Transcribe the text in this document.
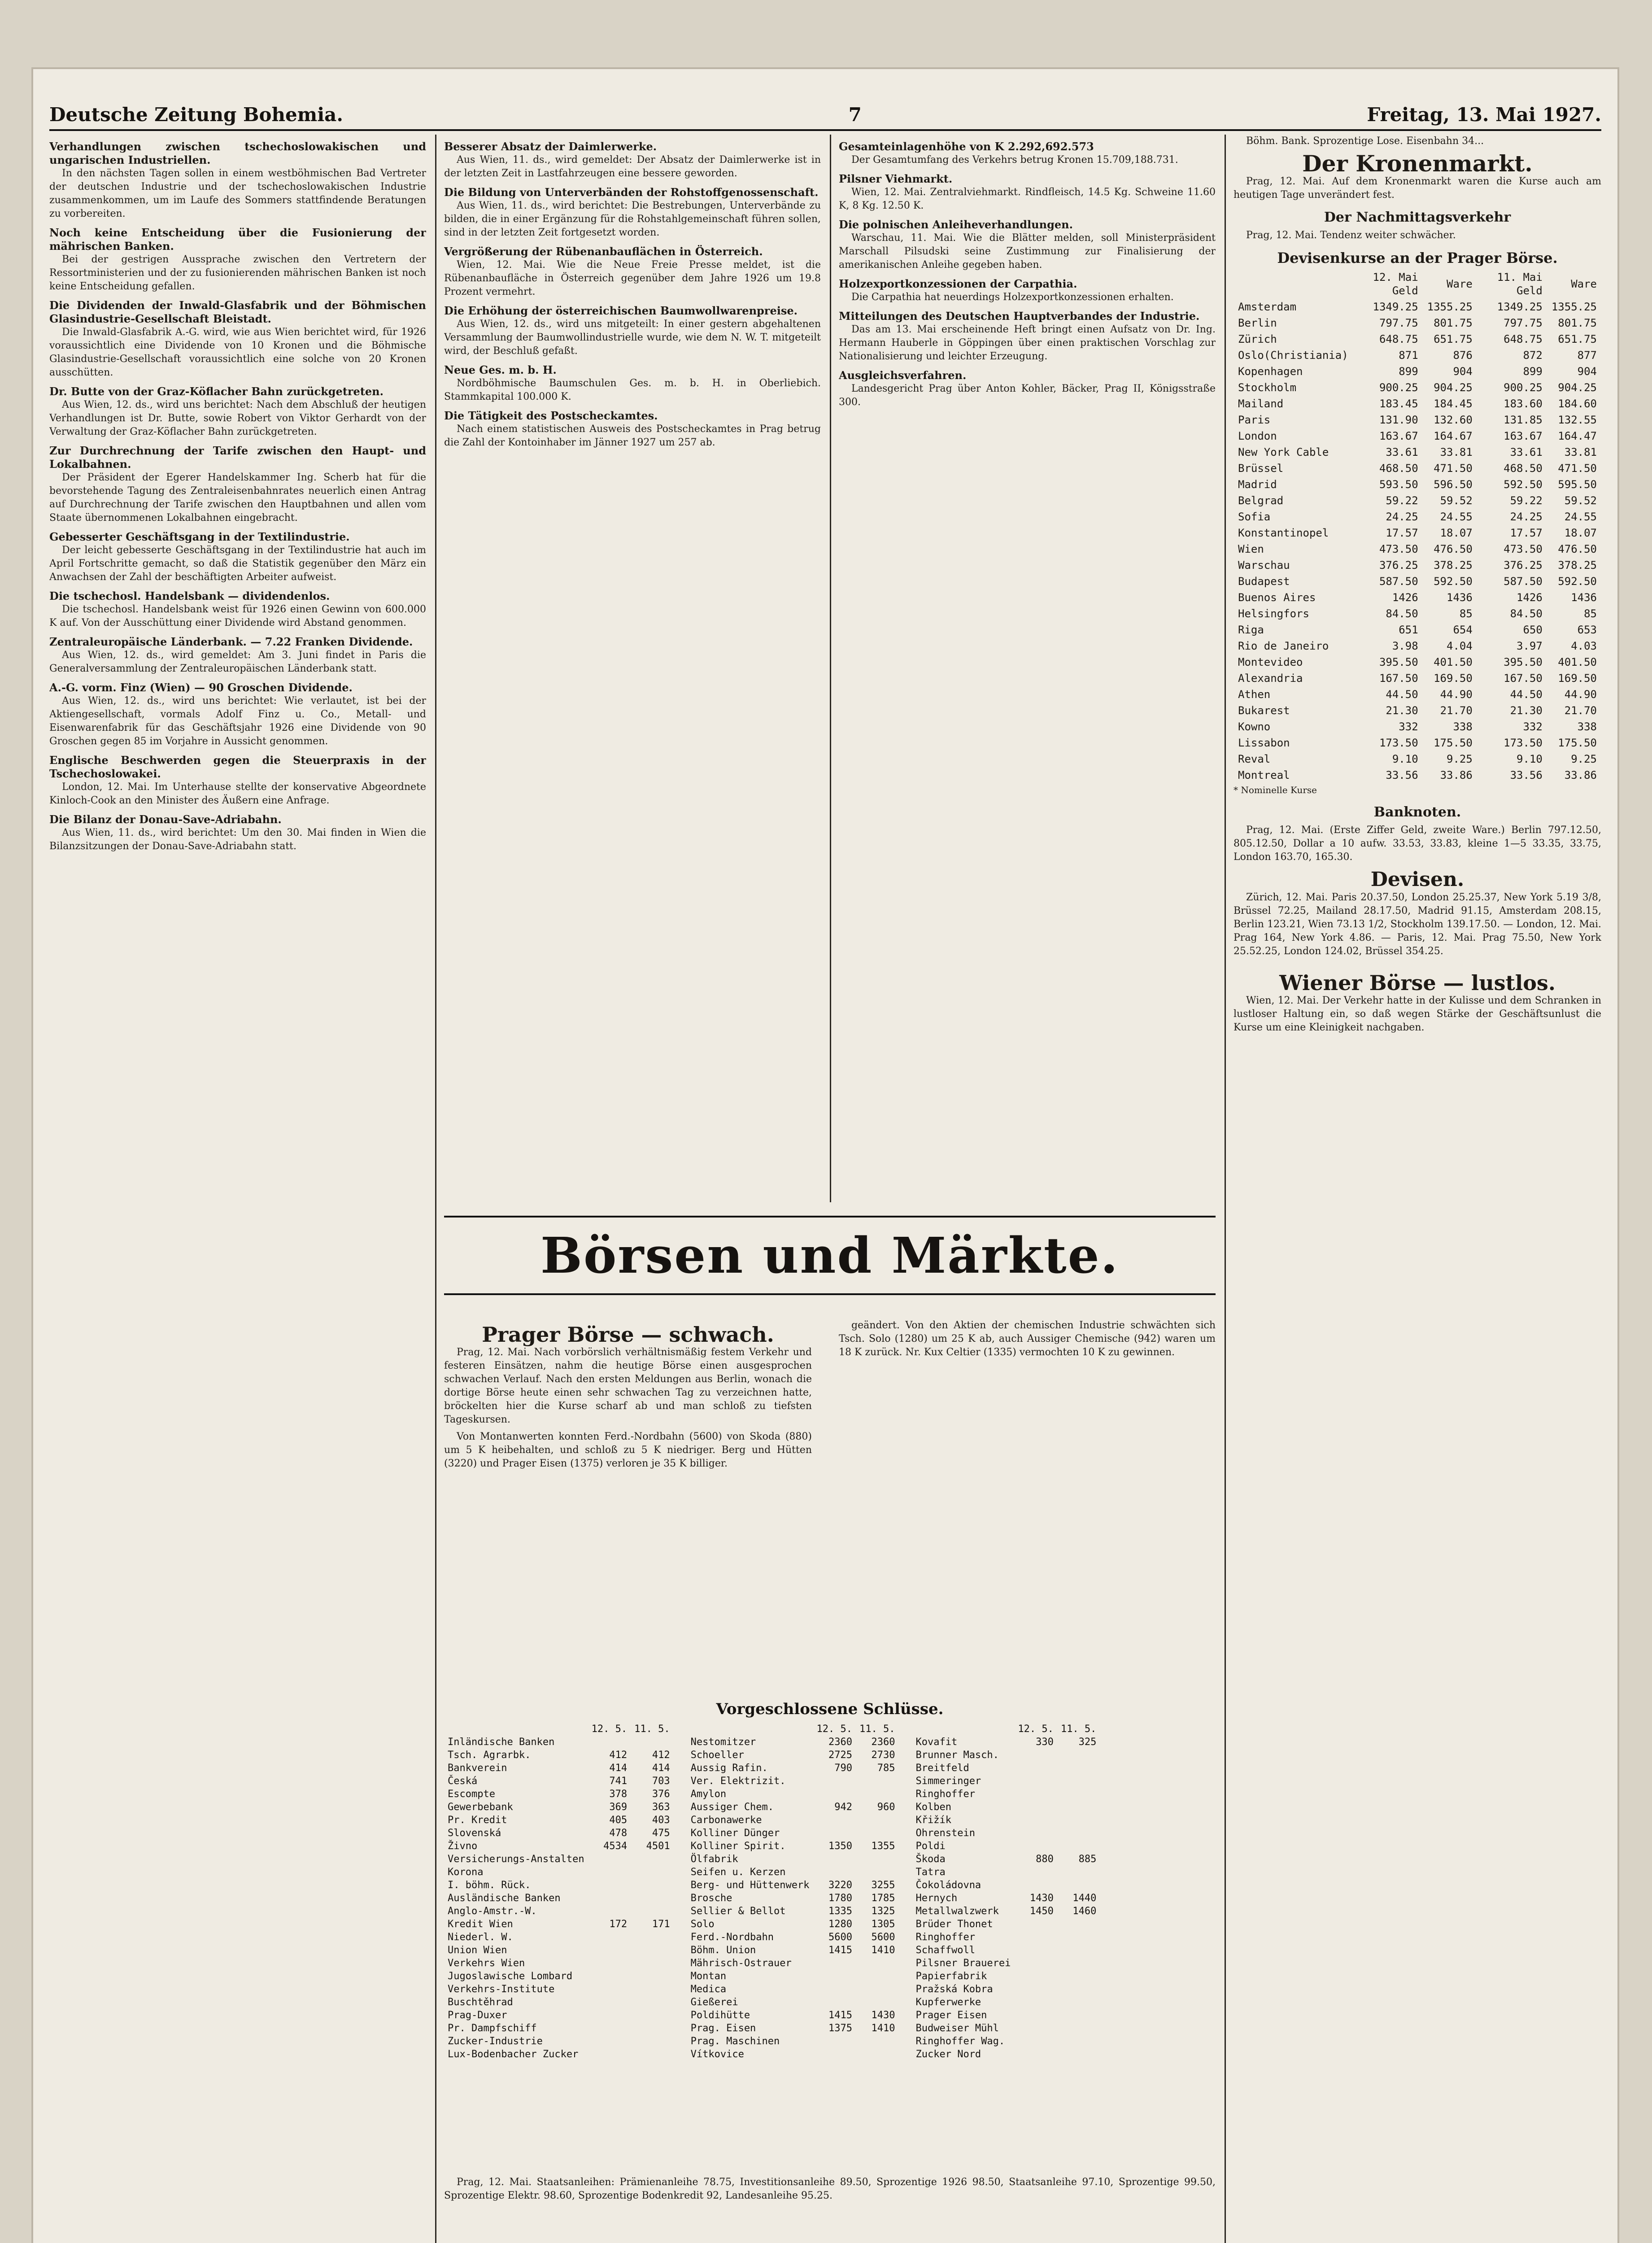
Deutsche Zeitung Bohemia.	7	Freitag, 13. Mai 1927.
Verhandlungen zwischen tschechoslowakischen und ungarischen Industriellen.

In den nächsten Tagen sollen in einem westböhmischen Bad Vertreter der deutschen Industrie und der tschechoslowakischen Industrie zusammenkommen, um im Laufe des Sommers stattfindende Beratungen zu vorbereiten.

Noch keine Entscheidung über die Fusionierung der mährischen Banken.

Bei der gestrigen Aussprache zwischen den Vertretern der Ressortministerien und der zu fusionierenden mährischen Banken ist noch keine Entscheidung gefallen.

Die Dividenden der Inwald-Glasfabrik und der Böhmischen Glasindustrie-Gesellschaft Bleistadt.

Die Inwald-Glasfabrik A.-G. wird, wie aus Wien berichtet wird, für 1926 voraussichtlich eine Dividende von 10 Kronen und die Böhmische Glasindustrie-Gesellschaft voraussichtlich eine solche von 20 Kronen ausschütten.

Dr. Butte von der Graz-Köflacher Bahn zurückgetreten.

Aus Wien, 12. ds., wird uns berichtet: Nach dem Abschluß der heutigen Verhandlungen ist Dr. Butte, sowie Robert von Viktor Gerhardt von der Verwaltung der Graz-Köflacher Bahn zurückgetreten.

Zur Durchrechnung der Tarife zwischen den Haupt- und Lokalbahnen.

Der Präsident der Egerer Handelskammer Ing. Scherb hat für die bevorstehende Tagung des Zentraleisenbahnrates neuerlich einen Antrag auf Durchrechnung der Tarife zwischen den Hauptbahnen und allen vom Staate übernommenen Lokalbahnen eingebracht.

Gebesserter Geschäftsgang in der Textilindustrie.

Der leicht gebesserte Geschäftsgang in der Textilindustrie hat auch im April Fortschritte gemacht, so daß die Statistik gegenüber den März ein Anwachsen der Zahl der beschäftigten Arbeiter aufweist.

Die tschechosl. Handelsbank — dividendenlos.

Die tschechosl. Handelsbank weist für 1926 einen Gewinn von 600.000 K auf. Von der Ausschüttung einer Dividende wird Abstand genommen.

Zentraleuropäische Länderbank. — 7.22 Franken Dividende.

Aus Wien, 12. ds., wird gemeldet: Am 3. Juni findet in Paris die Generalversammlung der Zentraleuropäischen Länderbank statt.

A.-G. vorm. Finz (Wien) — 90 Groschen Dividende.

Aus Wien, 12. ds., wird uns berichtet: Wie verlautet, ist bei der Aktiengesellschaft, vormals Adolf Finz u. Co., Metall- und Eisenwarenfabrik für das Geschäftsjahr 1926 eine Dividende von 90 Groschen gegen 85 im Vorjahre in Aussicht genommen.

Englische Beschwerden gegen die Steuerpraxis in der Tschechoslowakei.

London, 12. Mai. Im Unterhause stellte der konservative Abgeordnete Kinloch-Cook an den Minister des Äußern eine Anfrage.

Die Bilanz der Donau-Save-Adriabahn.

Aus Wien, 11. ds., wird berichtet: Um den 30. Mai finden in Wien die Bilanzsitzungen der Donau-Save-Adriabahn statt.

Besserer Absatz der Daimlerwerke.

Aus Wien, 11. ds., wird gemeldet: Der Absatz der Daimlerwerke ist in der letzten Zeit in Lastfahrzeugen eine bessere geworden.

Die Bildung von Unterverbänden der Rohstoffgenossenschaft.

Aus Wien, 11. ds., wird berichtet: Die Bestrebungen, Unterverbände zu bilden, die in einer Ergänzung für die Rohstahlgemeinschaft führen sollen, sind in der letzten Zeit fortgesetzt worden.

Vergrößerung der Rübenanbauflächen in Österreich.

Wien, 12. Mai. Wie die Neue Freie Presse meldet, ist die Rübenanbaufläche in Österreich gegenüber dem Jahre 1926 um 19.8 Prozent vermehrt.

Die Erhöhung der österreichischen Baumwollwarenpreise.

Aus Wien, 12. ds., wird uns mitgeteilt: In einer gestern abgehaltenen Versammlung der Baumwollindustrielle wurde, wie dem N. W. T. mitgeteilt wird, der Beschluß gefaßt.

Neue Ges. m. b. H.

Nordböhmische Baumschulen Ges. m. b. H. in Oberliebich. Stammkapital 100.000 K.

Die Tätigkeit des Postscheckamtes.

Nach einem statistischen Ausweis des Postscheckamtes in Prag betrug die Zahl der Kontoinhaber im Jänner 1927 um 257 ab.

Gesamteinlagenhöhe von K 2.292,692.573

Der Gesamtumfang des Verkehrs betrug Kronen 15.709,188.731.

Pilsner Viehmarkt.

Wien, 12. Mai. Zentralviehmarkt. Rindfleisch, 14.5 Kg. Schweine 11.60 K, 8 Kg. 12.50 K.

Die polnischen Anleiheverhandlungen.

Warschau, 11. Mai. Wie die Blätter melden, soll Ministerpräsident Marschall Pilsudski seine Zustimmung zur Finalisierung der amerikanischen Anleihe gegeben haben.

Holzexportkonzessionen der Carpathia.

Die Carpathia hat neuerdings Holzexportkonzessionen erhalten.

Mitteilungen des Deutschen Hauptverbandes der Industrie.

Das am 13. Mai erscheinende Heft bringt einen Aufsatz von Dr. Ing. Hermann Hauberle in Göppingen über einen praktischen Vorschlag zur Nationalisierung und leichter Erzeugung.

Ausgleichsverfahren.

Landesgericht Prag über Anton Kohler, Bäcker, Prag II, Königsstraße 300.

Böhm. Bank. Sprozentige Lose. Eisenbahn 34...

Der Kronenmarkt.

Prag, 12. Mai. Auf dem Kronenmarkt waren die Kurse auch am heutigen Tage unverändert fest.

Der Nachmittagsverkehr

Prag, 12. Mai. Tendenz weiter schwächer.

Devisenkurse an der Prager Börse.
	12. Mai Geld	Ware	11. Mai Geld	Ware
Amsterdam	1349.25	1355.25	1349.25	1355.25
Berlin	797.75	801.75	797.75	801.75
Zürich	648.75	651.75	648.75	651.75
Oslo(Christiania)	871	876	872	877
Kopenhagen	899	904	899	904
Stockholm	900.25	904.25	900.25	904.25
Mailand	183.45	184.45	183.60	184.60
Paris	131.90	132.60	131.85	132.55
London	163.67	164.67	163.67	164.47
New York Cable	33.61	33.81	33.61	33.81
Brüssel	468.50	471.50	468.50	471.50
Madrid	593.50	596.50	592.50	595.50
Belgrad	59.22	59.52	59.22	59.52
Sofia	24.25	24.55	24.25	24.55
Konstantinopel	17.57	18.07	17.57	18.07
Wien	473.50	476.50	473.50	476.50
Warschau	376.25	378.25	376.25	378.25
Budapest	587.50	592.50	587.50	592.50
Buenos Aires	1426	1436	1426	1436
Helsingfors	84.50	85	84.50	85
Riga	651	654	650	653
Rio de Janeiro	3.98	4.04	3.97	4.03
Montevideo	395.50	401.50	395.50	401.50
Alexandria	167.50	169.50	167.50	169.50
Athen	44.50	44.90	44.50	44.90
Bukarest	21.30	21.70	21.30	21.70
Kowno	332	338	332	338
Lissabon	173.50	175.50	173.50	175.50
Reval	9.10	9.25	9.10	9.25
Montreal	33.56	33.86	33.56	33.86
* Nominelle Kurse
Banknoten.

Prag, 12. Mai. (Erste Ziffer Geld, zweite Ware.) Berlin 797.12.50, 805.12.50, Dollar a 10 aufw. 33.53, 33.83, kleine 1—5 33.35, 33.75, London 163.70, 165.30.

Devisen.

Zürich, 12. Mai. Paris 20.37.50, London 25.25.37, New York 5.19 3/8, Brüssel 72.25, Mailand 28.17.50, Madrid 91.15, Amsterdam 208.15, Berlin 123.21, Wien 73.13 1/2, Stockholm 139.17.50. — London, 12. Mai. Prag 164, New York 4.86. — Paris, 12. Mai. Prag 75.50, New York 25.52.25, London 124.02, Brüssel 354.25.

Wiener Börse — lustlos.

Wien, 12. Mai. Der Verkehr hatte in der Kulisse und dem Schranken in lustloser Haltung ein, so daß wegen Stärke der Geschäftsunlust die Kurse um eine Kleinigkeit nachgaben.

Börsen und Märkte.
Prager Börse — schwach.

Prag, 12. Mai. Nach vorbörslich verhältnismäßig festem Verkehr und festeren Einsätzen, nahm die heutige Börse einen ausgesprochen schwachen Verlauf. Nach den ersten Meldungen aus Berlin, wonach die dortige Börse heute einen sehr schwachen Tag zu verzeichnen hatte, bröckelten hier die Kurse scharf ab und man schloß zu tiefsten Tageskursen.

Von Montanwerten konnten Ferd.-Nordbahn (5600) von Skoda (880) um 5 K heibehalten, und schloß zu 5 K niedriger. Berg und Hütten (3220) und Prager Eisen (1375) verloren je 35 K billiger.

geändert. Von den Aktien der chemischen Industrie schwächten sich Tsch. Solo (1280) um 25 K ab, auch Aussiger Chemische (942) waren um 18 K zurück. Nr. Kux Celtier (1335) vermochten 10 K zu gewinnen.

Vorgeschlossene Schlüsse.
	12. 5.	11. 5.
Inländische Banken		
Tsch. Agrarbk.	412	412
Bankverein	414	414
Česká	741	703
Escompte	378	376
Gewerbebank	369	363
Pr. Kredit	405	403
Slovenská	478	475
Živno	4534	4501
Versicherungs-Anstalten		
Korona		
I. böhm. Rück.		
Ausländische Banken		
Anglo-Amstr.-W.		
Kredit Wien	172	171
Niederl. W.		
Union Wien		
Verkehrs Wien		
Jugoslawische Lombard		
Verkehrs-Institute		
Buschtěhrad		
Prag-Duxer		
Pr. Dampfschiff		
Zucker-Industrie		
Lux-Bodenbacher Zucker		
	12. 5.	11. 5.
Nestomitzer	2360	2360
Schoeller	2725	2730
Aussig Rafin.	790	785
Ver. Elektrizit.		
Amylon		
Aussiger Chem.	942	960
Carbonawerke		
Kolliner Dünger		
Kolliner Spirit.	1350	1355
Ölfabrik		
Seifen u. Kerzen		
Berg- und Hüttenwerk	3220	3255
Brosche	1780	1785
Sellier & Bellot	1335	1325
Solo	1280	1305
Ferd.-Nordbahn	5600	5600
Böhm. Union	1415	1410
Mährisch-Ostrauer		
Montan		
Medica		
Gießerei		
Poldihütte	1415	1430
Prag. Eisen	1375	1410
Prag. Maschinen		
Vítkovice		
	12. 5.	11. 5.
Kovafit	330	325
Brunner Masch.		
Breitfeld		
Simmeringer		
Ringhoffer		
Kolben		
Křižík		
Ohrenstein		
Poldi		
Škoda	880	885
Tatra		
Čokoládovna		
Hernych	1430	1440
Metallwalzwerk	1450	1460
Brüder Thonet		
Ringhoffer		
Schaffwoll		
Pilsner Brauerei		
Papierfabrik		
Pražská Kobra		
Kupferwerke		
Prager Eisen		
Budweiser Mühl		
Ringhoffer Wag.		
Zucker Nord		

Prag, 12. Mai. Staatsanleihen: Prämienanleihe 78.75, Investitionsanleihe 89.50, Sprozentige 1926 98.50, Staatsanleihe 97.10, Sprozentige 99.50, Sprozentige Elektr. 98.60, Sprozentige Bodenkredit 92, Landesanleihe 95.25.
